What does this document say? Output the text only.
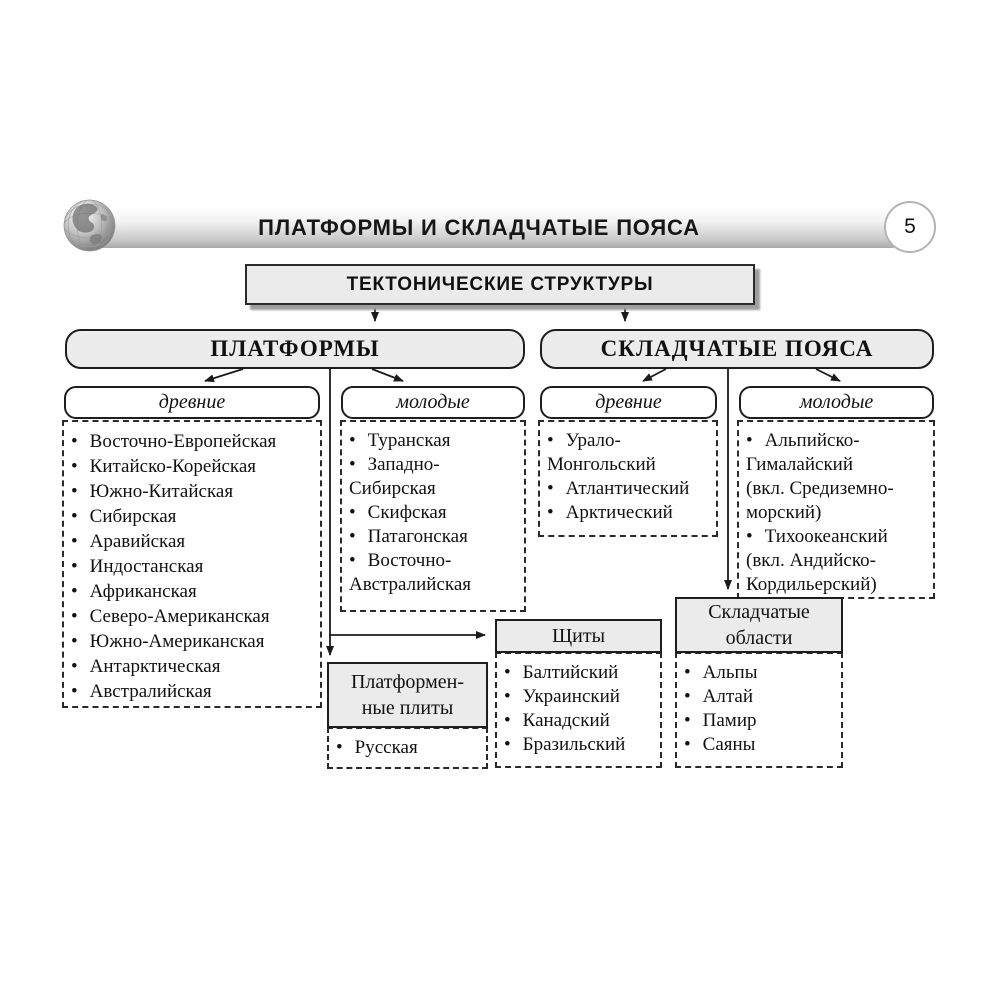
ПЛАТФОРМЫ И СКЛАДЧАТЫЕ ПОЯСА	5
ТЕКТОНИЧЕСКИЕ СТРУКТУРЫ
ПЛАТФОРМЫ	СКЛАДЧАТЫЕ ПОЯСА
древние	молодые	древние	молодые
• Восточно-Европейская
• Китайско-Корейская
• Южно-Китайская
• Сибирская
• Аравийская
• Индостанская
• Африканская
• Северо-Американская
• Южно-Американская
• Антарктическая
• Австралийская
• Туранская
• Западно-
Сибирская
• Скифская
• Патагонская
• Восточно-
Австралийская
• Урало-
Монгольский
• Атлантический
• Арктический
• Альпийско-
Гималайский
(вкл. Средиземно-
морский)
• Тихоокеанский
(вкл. Андийско-
Кордильерский)
Щиты
• Балтийский
• Украинский
• Канадский
• Бразильский
Складчатые области
• Альпы
• Алтай
• Памир
• Саяны
Платформен-
ные плиты
• Русская
